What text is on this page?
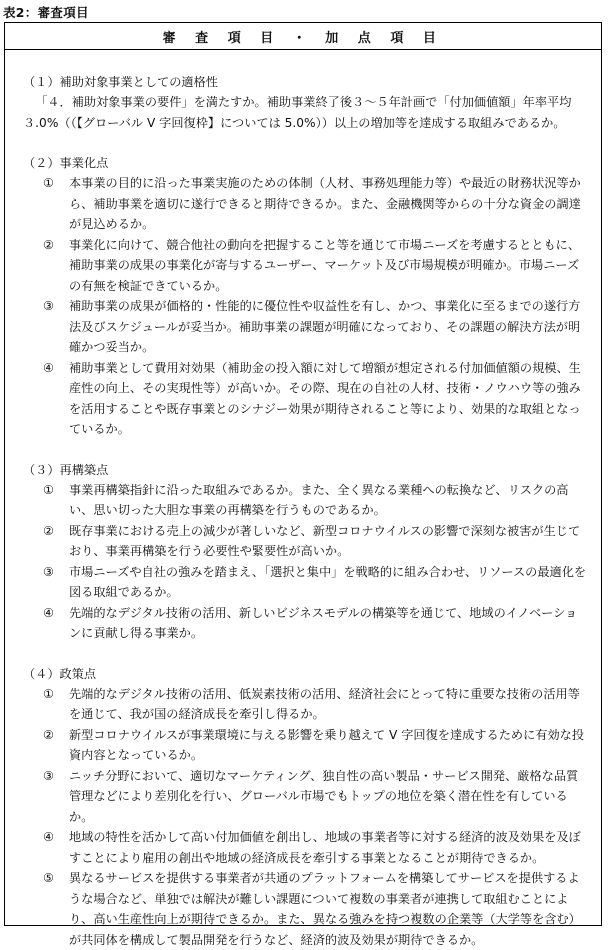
表2：審査項目
審 査 項 目 ・ 加 点 項 目
（１）補助対象事業としての適格性
「４．補助対象事業の要件」を満たすか。補助事業終了後３～５年計画で「付加価値額」年率平均３.0%（（【グローバル V 字回復枠】については 5.0%））以上の増加等を達成する取組みであるか。
（２）事業化点
①	本事業の目的に沿った事業実施のための体制（人材、事務処理能力等）や最近の財務状況等から、補助事業を適切に遂行できると期待できるか。また、金融機関等からの十分な資金の調達が見込めるか。
②	事業化に向けて、競合他社の動向を把握すること等を通じて市場ニーズを考慮するとともに、補助事業の成果の事業化が寄与するユーザー、マーケット及び市場規模が明確か。市場ニーズの有無を検証できているか。
③	補助事業の成果が価格的・性能的に優位性や収益性を有し、かつ、事業化に至るまでの遂行方法及びスケジュールが妥当か。補助事業の課題が明確になっており、その課題の解決方法が明確かつ妥当か。
④	補助事業として費用対効果（補助金の投入額に対して増額が想定される付加価値額の規模、生産性の向上、その実現性等）が高いか。その際、現在の自社の人材、技術・ノウハウ等の強みを活用することや既存事業とのシナジー効果が期待されること等により、効果的な取組となっているか。
（３）再構築点
①	事業再構築指針に沿った取組みであるか。また、全く異なる業種への転換など、リスクの高い、思い切った大胆な事業の再構築を行うものであるか。
②	既存事業における売上の減少が著しいなど、新型コロナウイルスの影響で深刻な被害が生じており、事業再構築を行う必要性や緊要性が高いか。
③	市場ニーズや自社の強みを踏まえ、「選択と集中」を戦略的に組み合わせ、リソースの最適化を図る取組であるか。
④	先端的なデジタル技術の活用、新しいビジネスモデルの構築等を通じて、地域のイノベーションに貢献し得る事業か。
（４）政策点
①	先端的なデジタル技術の活用、低炭素技術の活用、経済社会にとって特に重要な技術の活用等を通じて、我が国の経済成長を牽引し得るか。
②	新型コロナウイルスが事業環境に与える影響を乗り越えて V 字回復を達成するために有効な投資内容となっているか。
③	ニッチ分野において、適切なマーケティング、独自性の高い製品・サービス開発、厳格な品質管理などにより差別化を行い、グローバル市場でもトップの地位を築く潜在性を有しているか。
④	地域の特性を活かして高い付加価値を創出し、地域の事業者等に対する経済的波及効果を及ぼすことにより雇用の創出や地域の経済成長を牽引する事業となることが期待できるか。
⑤	異なるサービスを提供する事業者が共通のプラットフォームを構築してサービスを提供するような場合など、単独では解決が難しい課題について複数の事業者が連携して取組むことにより、高い生産性向上が期待できるか。また、異なる強みを持つ複数の企業等（大学等を含む）が共同体を構成して製品開発を行うなど、経済的波及効果が期待できるか。
